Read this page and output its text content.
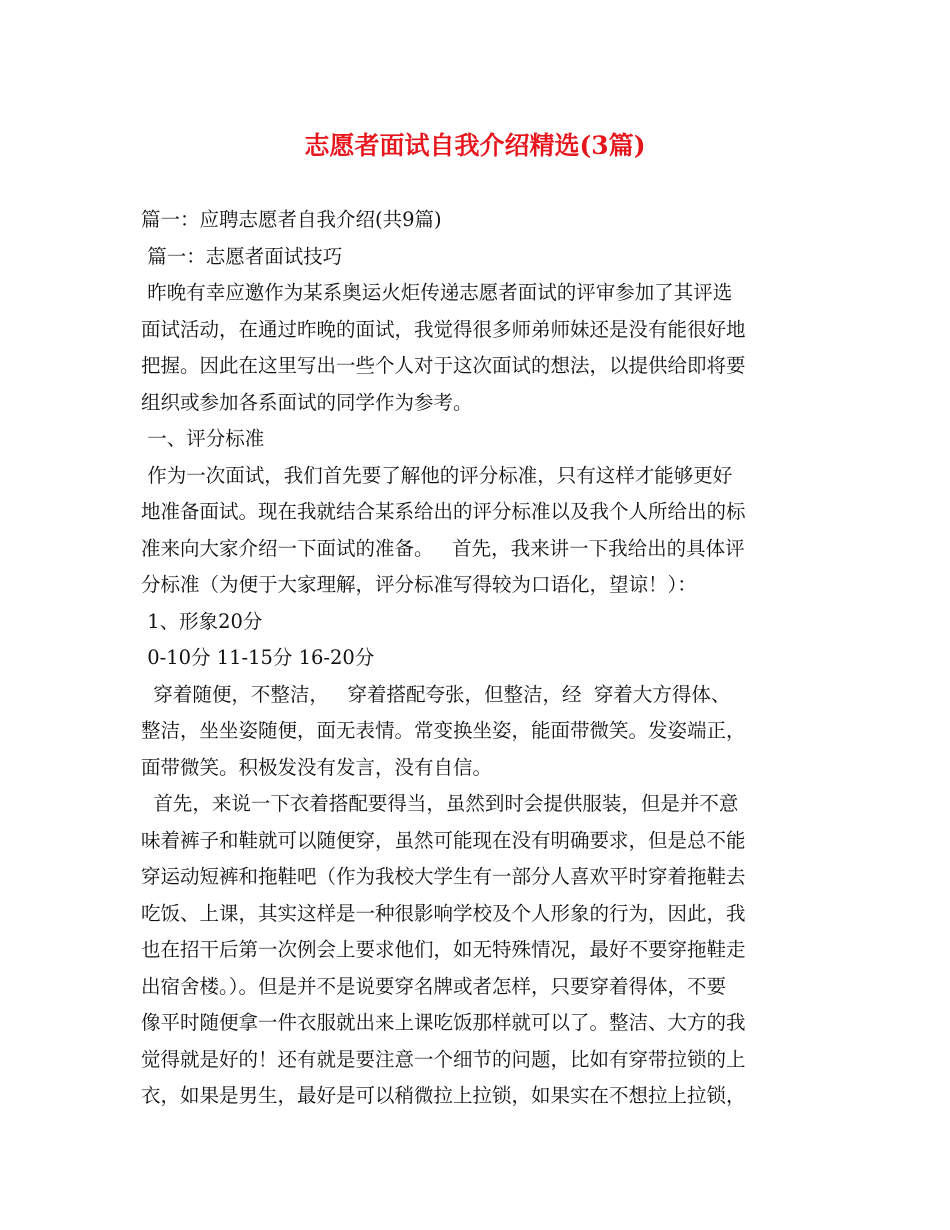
志愿者面试自我介绍精选(3篇)

篇一：应聘志愿者自我介绍(共9篇)

篇一：志愿者面试技巧

昨晚有幸应邀作为某系奥运火炬传递志愿者面试的评审参加了其评选

面试活动，在通过昨晚的面试，我觉得很多师弟师妹还是没有能很好地

把握。因此在这里写出一些个人对于这次面试的想法，以提供给即将要

组织或参加各系面试的同学作为参考。

一、评分标准

作为一次面试，我们首先要了解他的评分标准，只有这样才能够更好

地准备面试。现在我就结合某系给出的评分标准以及我个人所给出的标

准来向大家介绍一下面试的准备。   首先，我来讲一下我给出的具体评

分标准（为便于大家理解，评分标准写得较为口语化，望谅！）：

1、形象20分

0-10分 11-15分 16-20分

穿着随便，不整洁，   穿着搭配夸张，但整洁，经  穿着大方得体、

整洁，坐坐姿随便，面无表情。常变换坐姿，能面带微笑。发姿端正，

面带微笑。积极发没有发言，没有自信。

首先，来说一下衣着搭配要得当，虽然到时会提供服装，但是并不意

味着裤子和鞋就可以随便穿，虽然可能现在没有明确要求，但是总不能

穿运动短裤和拖鞋吧（作为我校大学生有一部分人喜欢平时穿着拖鞋去

吃饭、上课，其实这样是一种很影响学校及个人形象的行为，因此，我

也在招干后第一次例会上要求他们，如无特殊情况，最好不要穿拖鞋走

出宿舍楼。）。但是并不是说要穿名牌或者怎样，只要穿着得体，不要

像平时随便拿一件衣服就出来上课吃饭那样就可以了。整洁、大方的我

觉得就是好的！还有就是要注意一个细节的问题，比如有穿带拉锁的上

衣，如果是男生，最好是可以稍微拉上拉锁，如果实在不想拉上拉锁，
